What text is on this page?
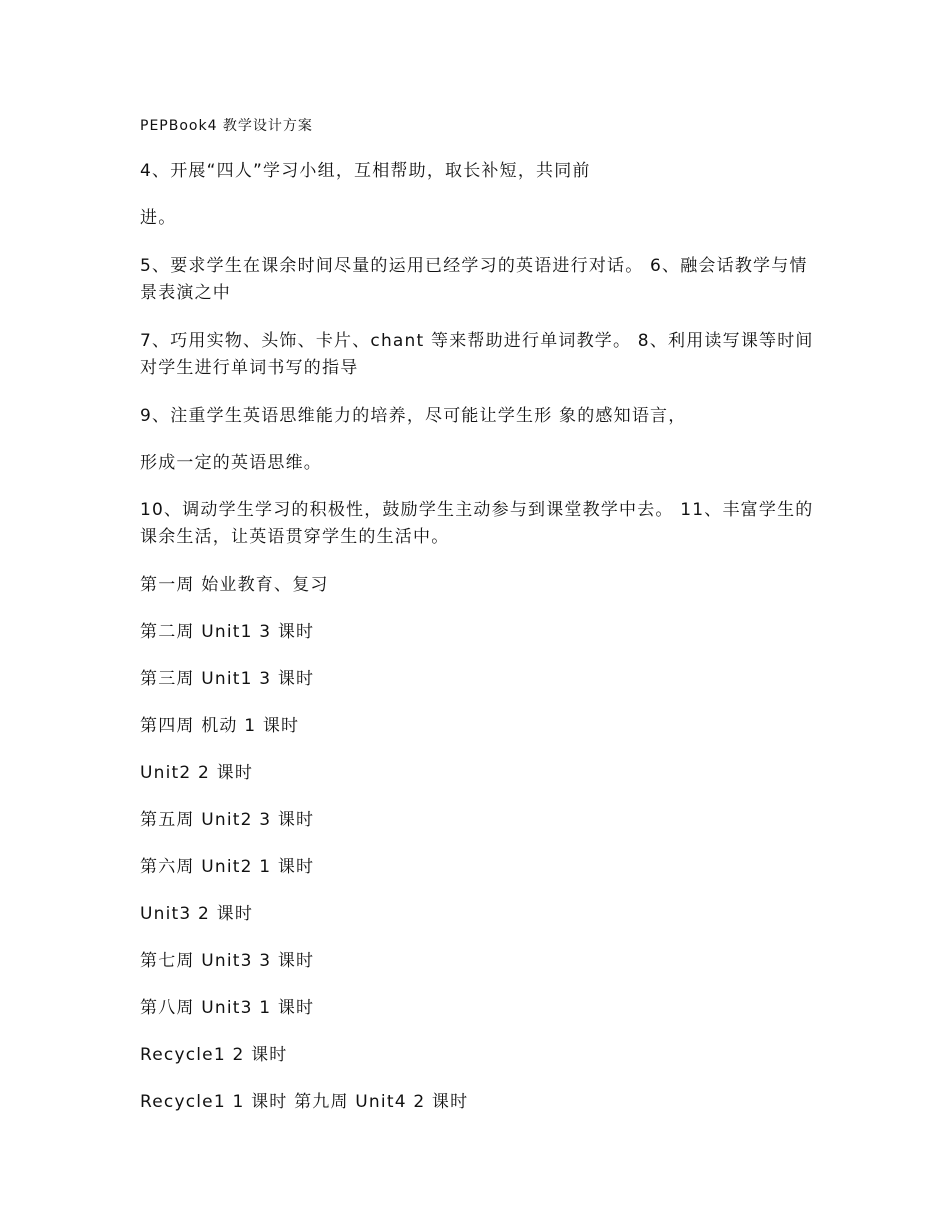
PEPBook4 教学设计方案
4、开展“四人”学习小组，互相帮助，取长补短，共同前
进。
5、要求学生在课余时间尽量的运用已经学习的英语进行对话。 6、融会话教学与情景表演之中
7、巧用实物、头饰、卡片、chant 等来帮助进行单词教学。 8、利用读写课等时间对学生进行单词书写的指导
9、注重学生英语思维能力的培养，尽可能让学生形 象的感知语言，
形成一定的英语思维。
10、调动学生学习的积极性，鼓励学生主动参与到课堂教学中去。 11、丰富学生的课余生活，让英语贯穿学生的生活中。
第一周 始业教育、复习
第二周 Unit1 3 课时
第三周 Unit1 3 课时
第四周 机动 1 课时
Unit2 2 课时
第五周 Unit2 3 课时
第六周 Unit2 1 课时
Unit3 2 课时
第七周 Unit3 3 课时
第八周 Unit3 1 课时
Recycle1 2 课时
Recycle1 1 课时 第九周 Unit4 2 课时
